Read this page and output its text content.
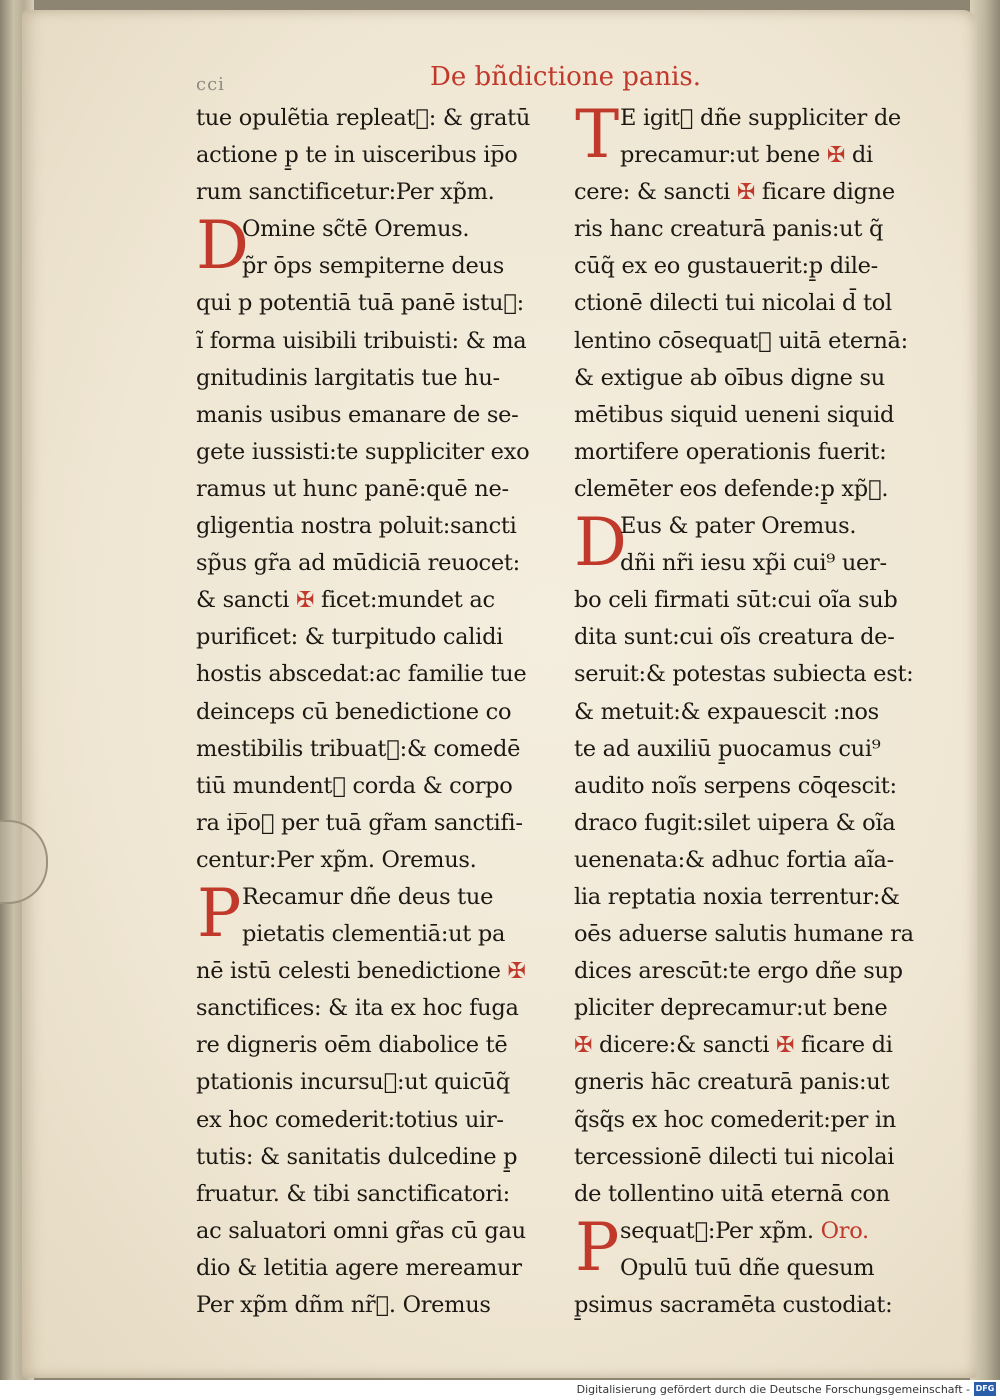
cci	De bñdictione panis.
tue opulẽtia repleat᷑: & gratū
actione p̱ te in uisceribus ip̅o
rum sanctificetur:Per xp̃m.
D
Omine sc̃tē Oremus.
p̃r ōps sempiterne deus
qui p potentiā tuā panē istuᷓ:
ĩ forma uisibili tribuisti: & ma
gnitudinis largitatis tue hu-
manis usibus emanare de se-
gete iussisti:te suppliciter exo
ramus ut hunc panē:quē ne-
gligentia nostra poluit:sancti
sp̃us gr̃a ad mūdiciā reuocet:
& sancti ✠ ficet:mundet ac
purificet: & turpitudo calidi
hostis abscedat:ac familie tue
deinceps cū benedictione co
mestibilis tribuat᷑:& comedē
tiū mundent᷑ corda & corpo
ra ip̅oᷓ per tuā gr̃am sanctifi-
centur:Per xp̃m. Oremus.
P Recamur dñe deus tue
pietatis clementiā:ut pa
nē istū celesti benedictione ✠
sanctifices: & ita ex hoc fuga
re digneris oēm diabolice tē
ptationis incursuᷓ:ut quicūq̃
ex hoc comederit:totius uir-
tutis: & sanitatis dulcedine p̱
fruatur. & tibi sanctificatori:
ac saluatori omni gr̃as cū gau
dio & letitia agere mereamur
Per xp̃m dñm nr̃ᷓ. Oremus
T E igit᷑ dñe suppliciter de
precamur:ut bene ✠ di
cere: & sancti ✠ ficare digne
ris hanc creaturā panis:ut q̃
cūq̃ ex eo gustauerit:p̱ dile-
ctionē dilecti tui nicolai d̄ tol
lentino cōsequat᷑ uitā eternā:
& extigue ab oībus digne su
mētibus siquid ueneni siquid
mortifere operationis fuerit:
clemēter eos defende:p̱ xp̃ᷓ.
D
Eus & pater Oremus.
dñi nr̃i iesu xp̃i cui⁹ uer-
bo celi firmati sūt:cui oĩa sub
dita sunt:cui oĩs creatura de-
seruit:& potestas subiecta est:
& metuit:& expauescit :nos
te ad auxiliū p̱uocamus cui⁹
audito noĩs serpens cōqescit:
draco fugit:silet uipera & oĩa
uenenata:& adhuc fortia aĩa-
lia reptatia noxia terrentur:&
oēs aduerse salutis humane ra
dices arescūt:te ergo dñe sup
pliciter deprecamur:ut bene
✠ dicere:& sancti ✠ ficare di
gneris hāc creaturā panis:ut
q̃sq̃s ex hoc comederit:per in
tercessionē dilecti tui nicolai
de tollentino uitā eternā con
P sequat᷑:Per xp̃m. Oro.
Opulū tuū dñe quesum
p̱simus sacramēta custodiat:
Digitalisierung gefördert durch die Deutsche Forschungsgemeinschaft - DFG
